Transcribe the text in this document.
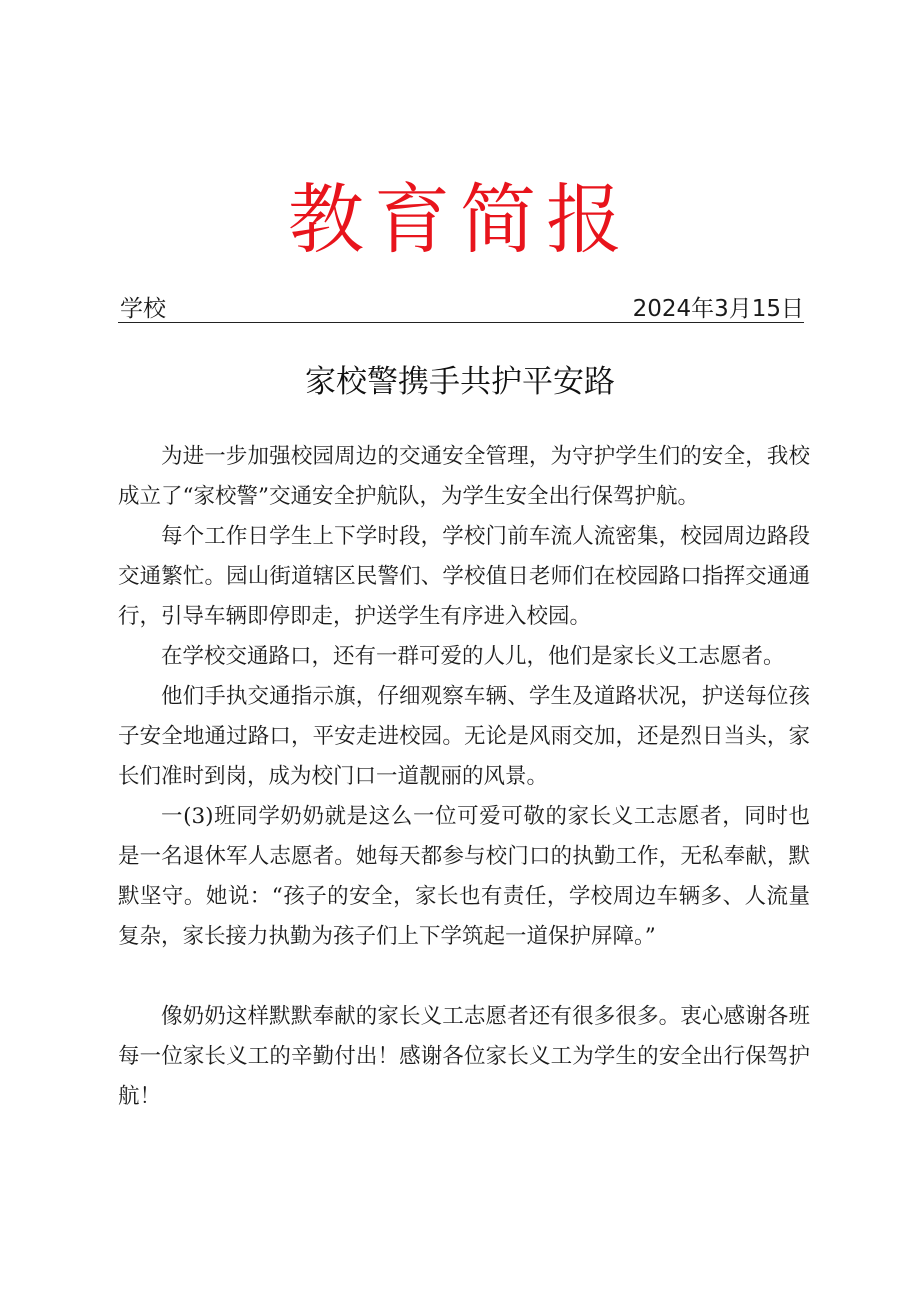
教育简报
学校	2024年3月15日
家校警携手共护平安路

为进一步加强校园周边的交通安全管理，为守护学生们的安全，我校成立了“家校警”交通安全护航队，为学生安全出行保驾护航。

每个工作日学生上下学时段，学校门前车流人流密集，校园周边路段交通繁忙。园山街道辖区民警们、学校值日老师们在校园路口指挥交通通行，引导车辆即停即走，护送学生有序进入校园。

在学校交通路口，还有一群可爱的人儿，他们是家长义工志愿者。

他们手执交通指示旗，仔细观察车辆、学生及道路状况，护送每位孩子安全地通过路口，平安走进校园。无论是风雨交加，还是烈日当头，家长们准时到岗，成为校门口一道靓丽的风景。

一(3)班同学奶奶就是这么一位可爱可敬的家长义工志愿者，同时也是一名退休军人志愿者。她每天都参与校门口的执勤工作，无私奉献，默默坚守。她说：“孩子的安全，家长也有责任，学校周边车辆多、人流量复杂，家长接力执勤为孩子们上下学筑起一道保护屏障。”

像奶奶这样默默奉献的家长义工志愿者还有很多很多。衷心感谢各班每一位家长义工的辛勤付出！感谢各位家长义工为学生的安全出行保驾护航！
